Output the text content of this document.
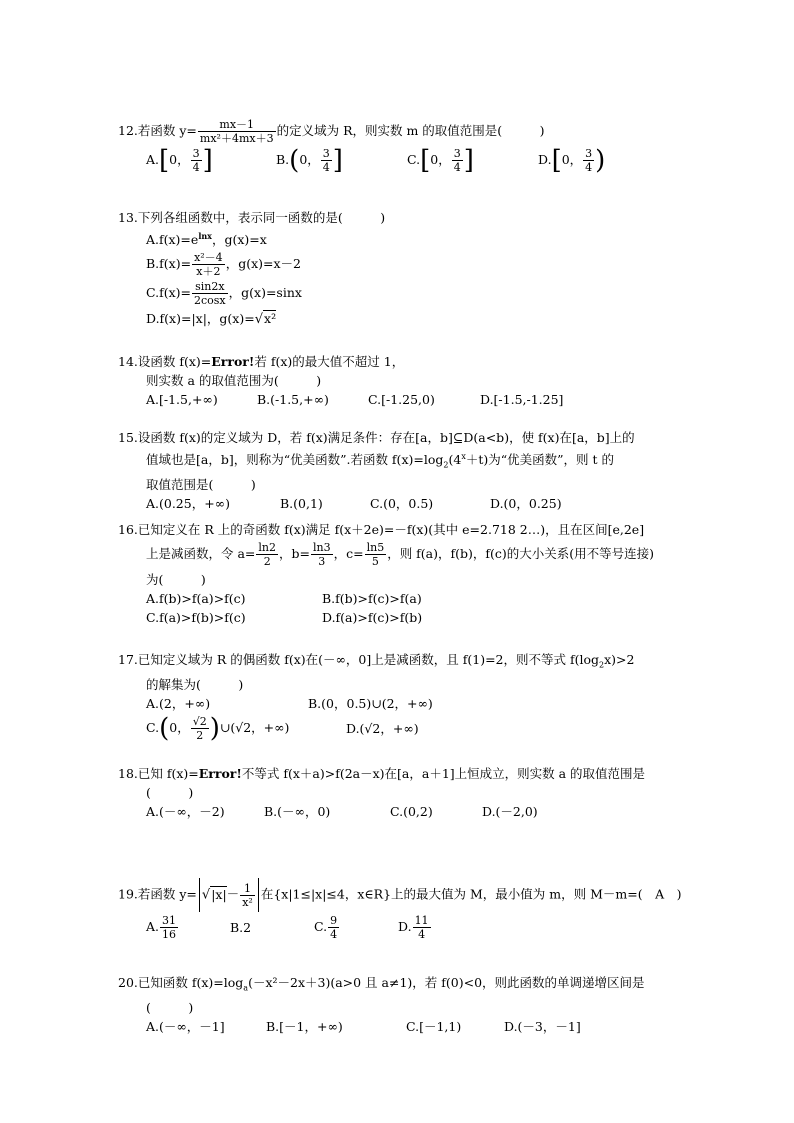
12.若函数 $y= \frac{mx-1}{\text{mx²＋4mx＋3}}$ 的定义域为 R，则实数 m 的取值范围是(　　　)
A.[0， $\frac{3}{4}$ ]	B.(0， $\frac{3}{4}$ ]	C.[0， $\frac{3}{4}$ ]	D.[0， $\frac{3}{4}$ )
13.下列各组函数中，表示同一函数的是(　　　)
$A.f(x)=e^{lnx}$，g(x)=x
$B.f(x)= \frac{\text{x²－4}}{x+2}$ ，g(x)=x－2
$C.f(x)= \frac{\sin 2x}{2\cos x}$ ，g(x)=sinx
D.f(x)=|x|，g(x)=√x²
14.设函数 f(x)=Error!若 f(x)的最大值不超过 1，
则实数 a 的取值范围为(　　　)
A.[-1.5,+∞)	B.(-1.5,+∞)	C.[-1.25,0)	D.[-1.5,-1.25]
15.设函数 f(x)的定义域为 D，若 f(x)满足条件：存在[a，b]⊆D(a<b)，使 f(x)在[a，b]上的
值域也是[a，b]，则称为“优美函数”.若函数 $f(x)=\log_2(4^x+t)$为“优美函数”，则 t 的
取值范围是(　　　)
A.(0.25，+∞)	B.(0,1)	C.(0，0.5)	D.(0，0.25)
16.已知定义在 R 上的奇函数 f(x)满足 f(x＋2e)=－f(x)(其中 e=2.718 2…)，且在区间[e,2e]
上是减函数，令 $a= \frac{\ln 2}{2}$ ，$b= \frac{\ln 3}{3}$ ，$c= \frac{\ln 5}{5}$ ，则 f(a)，f(b)，f(c)的大小关系(用不等号连接)
为(　　　)
A.f(b)>f(a)>f(c)	B.f(b)>f(c)>f(a)
C.f(a)>f(b)>f(c)	D.f(a)>f(c)>f(b)
17.已知定义域为 R 的偶函数 f(x)在(－∞，0]上是减函数，且 f(1)=2，则不等式 $f(\log_2x)>2$
的解集为(　　　)
A.(2，+∞)	B.(0，0.5)∪(2，+∞)
C.(0， $\frac{√2}{2}$ )∪(√2，+∞)	D.(√2，+∞)
18.已知 f(x)=Error!不等式 f(x＋a)>f(2a－x)在[a，a＋1]上恒成立，则实数 a 的取值范围是
(　　　)
A.(－∞，－2)	B.(－∞，0)	C.(0,2)	D.(－2,0)
19.若函数 $y= √|x|- \frac{1}{\text{x²}}$ 在{x|1≤|x|≤4，x∈R}上的最大值为 M，最小值为 m，则 M－m=(　A　)
A. $\frac{31}{16}$	B.2	C. $\frac{9}{4}$	D. $\frac{11}{4}$
20.已知函数 $f(x)=\log_a(-x^2-2x+3)(a>0$ 且 a≠1)，若 f(0)<0，则此函数的单调递增区间是
(　　　)
A.(－∞，－1]	B.[－1，+∞)	C.[－1,1)	D.(－3，－1]
